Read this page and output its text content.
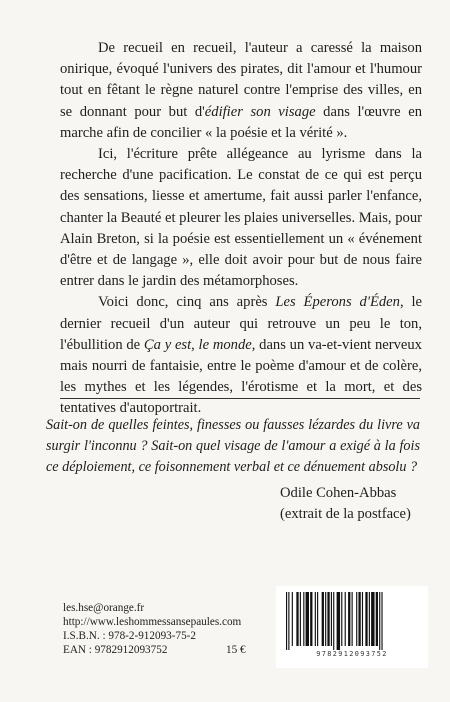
De recueil en recueil, l'auteur a caressé la maison onirique, évoqué l'univers des pirates, dit l'amour et l'humour tout en fêtant le règne naturel contre l'emprise des villes, en se donnant pour but d'édifier son visage dans l'œuvre en marche afin de concilier « la poésie et la vérité ».

Ici, l'écriture prête allégeance au lyrisme dans la recherche d'une pacification. Le constat de ce qui est perçu des sensations, liesse et amertume, fait aussi parler l'enfance, chanter la Beauté et pleurer les plaies universelles. Mais, pour Alain Breton, si la poésie est essentiellement un « événement d'être et de langage », elle doit avoir pour but de nous faire entrer dans le jardin des métamorphoses.

Voici donc, cinq ans après Les Éperons d'Éden, le dernier recueil d'un auteur qui retrouve un peu le ton, l'ébullition de Ça y est, le monde, dans un va-et-vient nerveux mais nourri de fantaisie, entre le poème d'amour et de colère, les mythes et les légendes, l'érotisme et la mort, et des tentatives d'autoportrait.

Sait-on de quelles feintes, finesses ou fausses lézardes du livre va surgir l'inconnu ? Sait-on quel visage de l'amour a exigé à la fois ce déploiement, ce foisonnement verbal et ce dénuement absolu ?

Odile Cohen-Abbas
(extrait de la postface)
les.hse@orange.fr
http://www.leshommessansepaules.com
I.S.B.N. : 978-2-912093-75-2
EAN : 9782912093752	15 €	9782912093752
